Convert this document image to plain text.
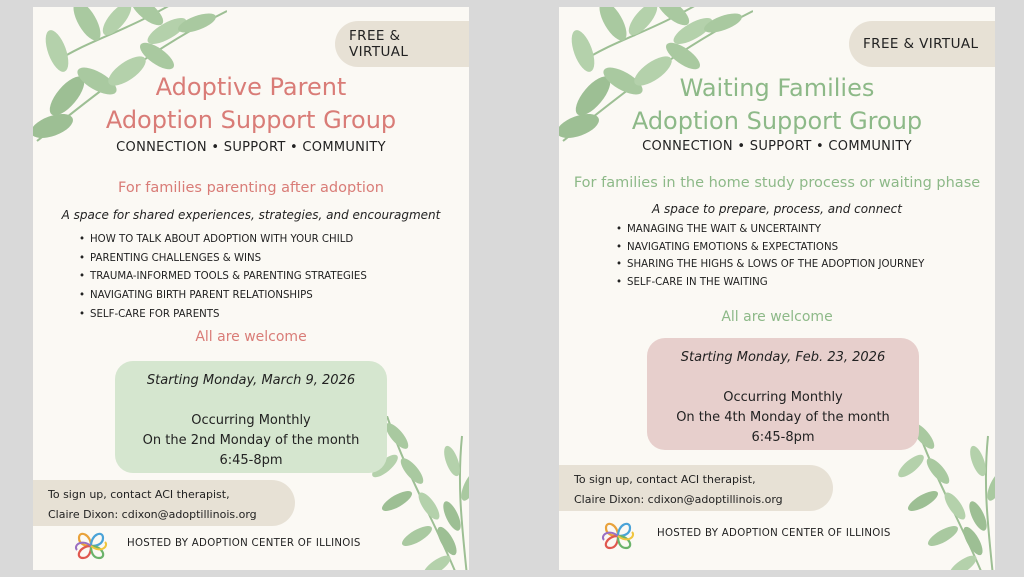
FREE & VIRTUAL
Adoptive Parent
Adoption Support Group
CONNECTION • SUPPORT • COMMUNITY
For families parenting after adoption
A space for shared experiences, strategies, and encouragment
• HOW TO TALK ABOUT ADOPTION WITH YOUR CHILD
• PARENTING CHALLENGES & WINS
• TRAUMA-INFORMED TOOLS & PARENTING STRATEGIES
• NAVIGATING BIRTH PARENT RELATIONSHIPS
• SELF-CARE FOR PARENTS
All are welcome
Starting Monday, March 9, 2026
Occurring Monthly
On the 2nd Monday of the month
6:45-8pm
To sign up, contact ACI therapist,
Claire Dixon: cdixon@adoptillinois.org
HOSTED BY ADOPTION CENTER OF ILLINOIS
FREE & VIRTUAL
Waiting Families
Adoption Support Group
CONNECTION • SUPPORT • COMMUNITY
For families in the home study process or waiting phase
A space to prepare, process, and connect
• MANAGING THE WAIT & UNCERTAINTY
• NAVIGATING EMOTIONS & EXPECTATIONS
• SHARING THE HIGHS & LOWS OF THE ADOPTION JOURNEY
• SELF-CARE IN THE WAITING
All are welcome
Starting Monday, Feb. 23, 2026
Occurring Monthly
On the 4th Monday of the month
6:45-8pm
To sign up, contact ACI therapist,
Claire Dixon: cdixon@adoptillinois.org
HOSTED BY ADOPTION CENTER OF ILLINOIS
